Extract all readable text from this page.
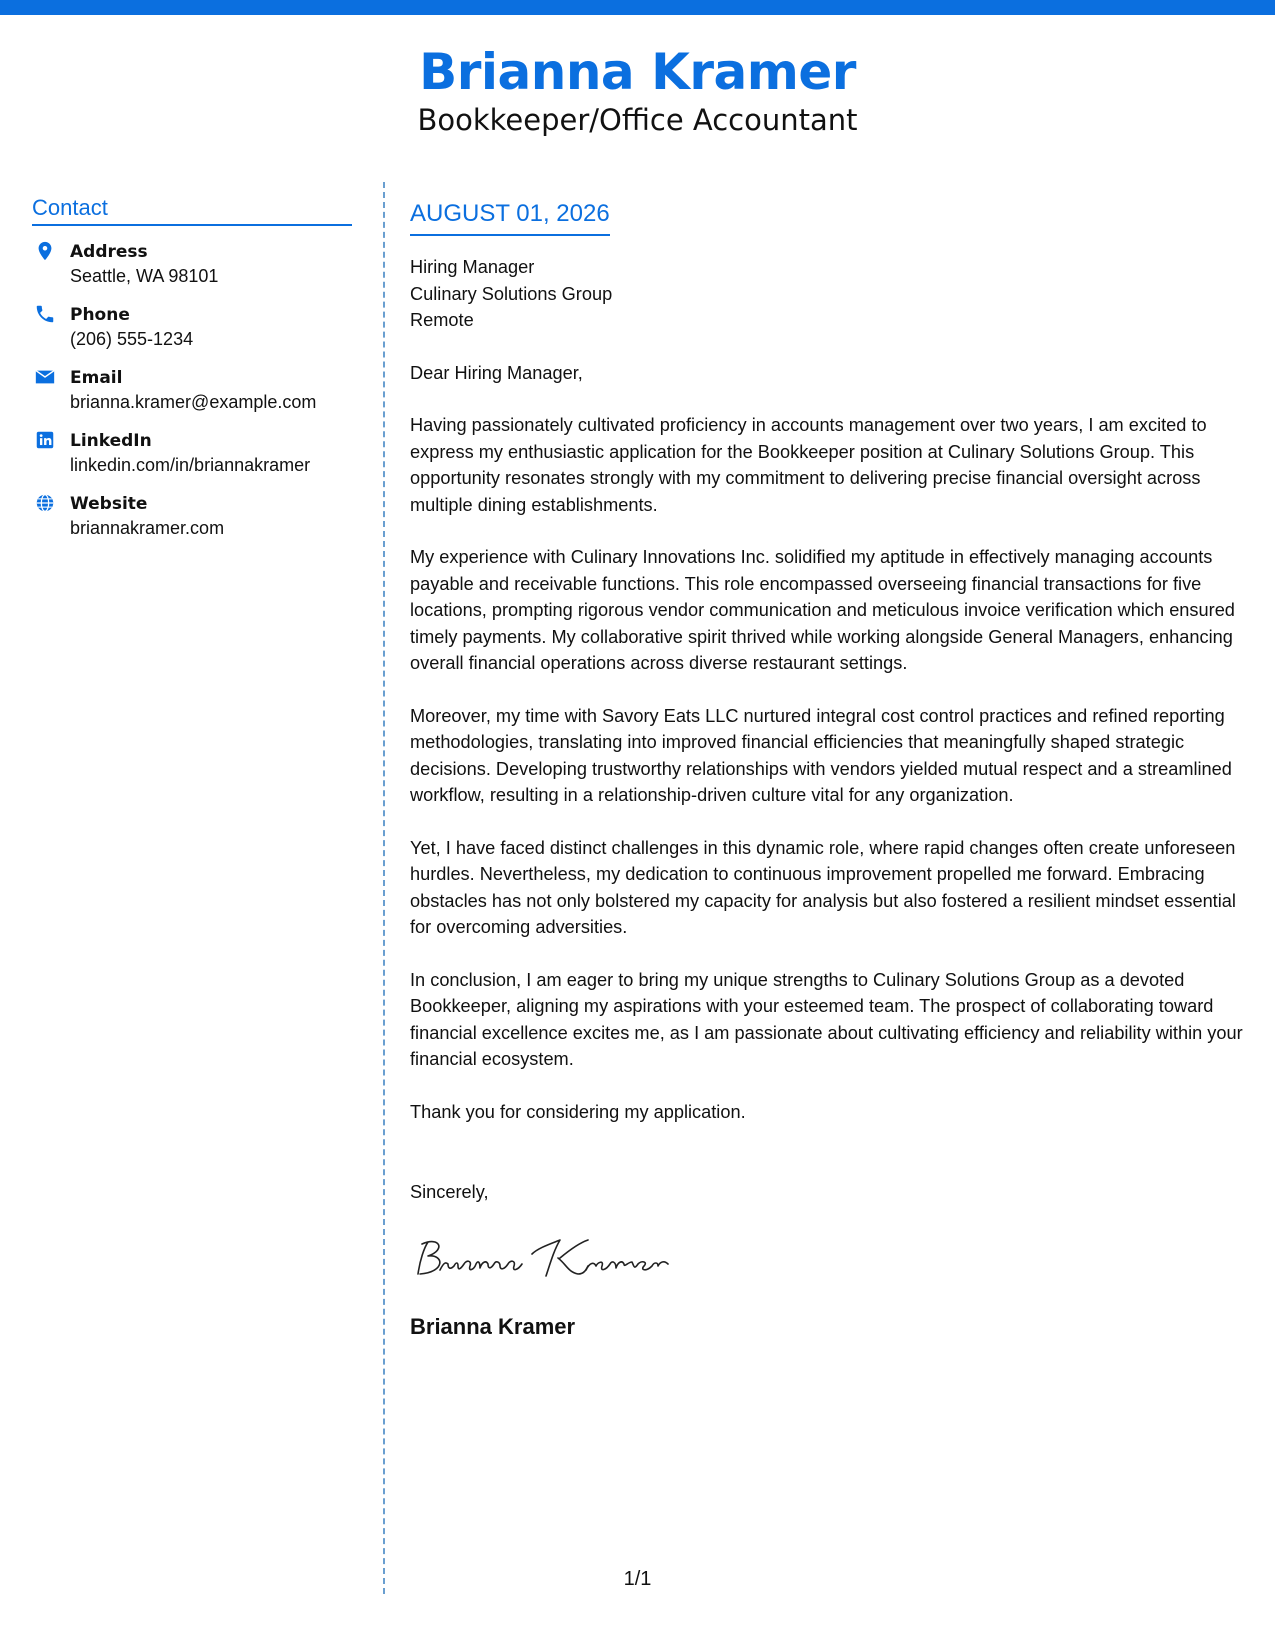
Brianna Kramer
Bookkeeper/Office Accountant
Contact
Address
Seattle, WA 98101
Phone
(206) 555-1234
Email
brianna.kramer@example.com
LinkedIn
linkedin.com/in/briannakramer
Website
briannakramer.com
AUGUST 01, 2026
Hiring Manager
Culinary Solutions Group
Remote
Dear Hiring Manager,
Having passionately cultivated proficiency in accounts management over two years, I am excited to express my enthusiastic application for the Bookkeeper position at Culinary Solutions Group. This opportunity resonates strongly with my commitment to delivering precise financial oversight across multiple dining establishments.
My experience with Culinary Innovations Inc. solidified my aptitude in effectively managing accounts payable and receivable functions. This role encompassed overseeing financial transactions for five locations, prompting rigorous vendor communication and meticulous invoice verification which ensured timely payments. My collaborative spirit thrived while working alongside General Managers, enhancing overall financial operations across diverse restaurant settings.
Moreover, my time with Savory Eats LLC nurtured integral cost control practices and refined reporting methodologies, translating into improved financial efficiencies that meaningfully shaped strategic decisions. Developing trustworthy relationships with vendors yielded mutual respect and a streamlined workflow, resulting in a relationship-driven culture vital for any organization.
Yet, I have faced distinct challenges in this dynamic role, where rapid changes often create unforeseen hurdles. Nevertheless, my dedication to continuous improvement propelled me forward. Embracing obstacles has not only bolstered my capacity for analysis but also fostered a resilient mindset essential for overcoming adversities.
In conclusion, I am eager to bring my unique strengths to Culinary Solutions Group as a devoted Bookkeeper, aligning my aspirations with your esteemed team. The prospect of collaborating toward financial excellence excites me, as I am passionate about cultivating efficiency and reliability within your financial ecosystem.
Thank you for considering my application.
Sincerely,
Brianna Kramer
1/1
